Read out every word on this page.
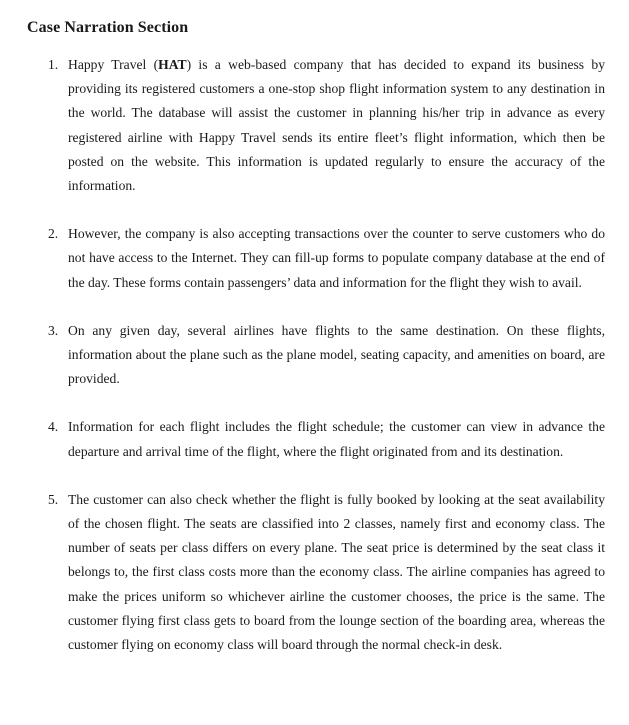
Case Narration Section
1. Happy Travel (HAT) is a web-based company that has decided to expand its business by providing its registered customers a one-stop shop flight information system to any destination in the world. The database will assist the customer in planning his/her trip in advance as every registered airline with Happy Travel sends its entire fleet’s flight information, which then be posted on the website. This information is updated regularly to ensure the accuracy of the information.
2. However, the company is also accepting transactions over the counter to serve customers who do not have access to the Internet. They can fill-up forms to populate company database at the end of the day. These forms contain passengers’ data and information for the flight they wish to avail.
3. On any given day, several airlines have flights to the same destination. On these flights, information about the plane such as the plane model, seating capacity, and amenities on board, are provided.
4. Information for each flight includes the flight schedule; the customer can view in advance the departure and arrival time of the flight, where the flight originated from and its destination.
5. The customer can also check whether the flight is fully booked by looking at the seat availability of the chosen flight. The seats are classified into 2 classes, namely first and economy class. The number of seats per class differs on every plane. The seat price is determined by the seat class it belongs to, the first class costs more than the economy class. The airline companies has agreed to make the prices uniform so whichever airline the customer chooses, the price is the same. The customer flying first class gets to board from the lounge section of the boarding area, whereas the customer flying on economy class will board through the normal check-in desk.
